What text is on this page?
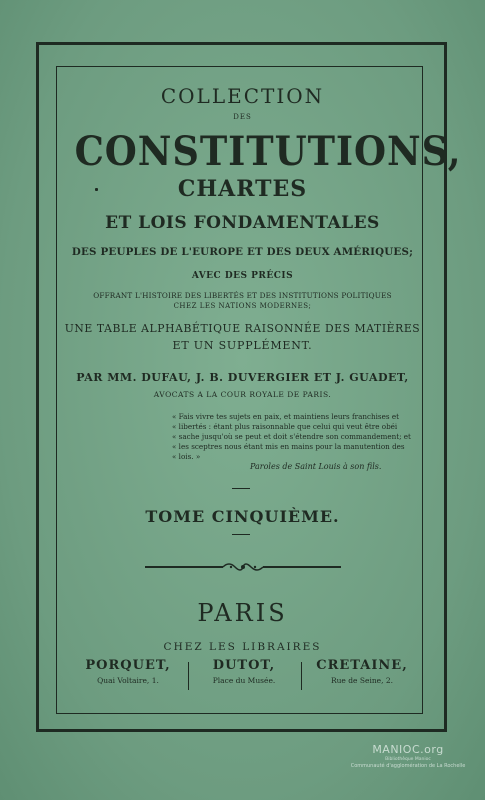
COLLECTION
DES
CONSTITUTIONS,
CHARTES
ET LOIS FONDAMENTALES
DES PEUPLES DE L'EUROPE ET DES DEUX AMÉRIQUES;
AVEC DES PRÉCIS
OFFRANT L'HISTOIRE DES LIBERTÉS ET DES INSTITUTIONS POLITIQUES
CHEZ LES NATIONS MODERNES;
UNE TABLE ALPHABÉTIQUE RAISONNÉE DES MATIÈRES
ET UN SUPPLÉMENT.
PAR MM. DUFAU, J. B. DUVERGIER ET J. GUADET,
AVOCATS A LA COUR ROYALE DE PARIS.
« Fais vivre tes sujets en paix, et maintiens leurs franchises et
« libertés : étant plus raisonnable que celui qui veut être obéi
« sache jusqu'où se peut et doit s'étendre son commandement; et
« les sceptres nous étant mis en mains pour la manutention des
« lois. »
Paroles de Saint Louis à son fils.
TOME CINQUIÈME.
PARIS
CHEZ LES LIBRAIRES
PORQUET,
Quai Voltaire, 1.
DUTOT,
Place du Musée.
CRETAINE,
Rue de Seine, 2.
MANIOC.org
Bibliothèque Manioc
Communauté d'agglomération de La Rochelle
